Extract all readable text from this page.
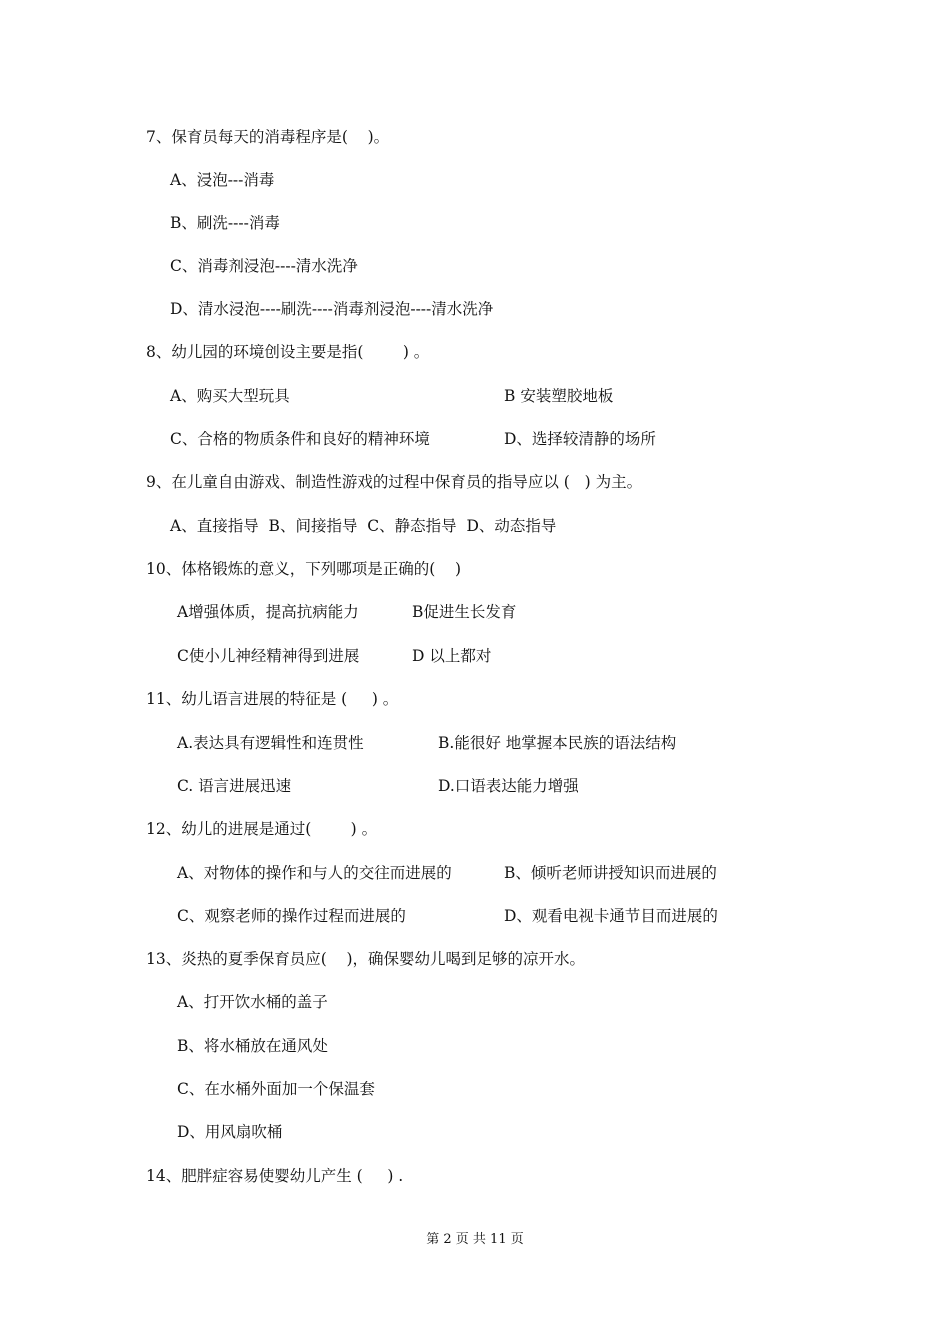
7、保育员每天的消毒程序是(    )。
A、浸泡---消毒
B、刷洗----消毒
C、消毒剂浸泡----清水洗净
D、清水浸泡----刷洗----消毒剂浸泡----清水洗净
8、幼儿园的环境创设主要是指(        ) 。
A、购买大型玩具	B 安装塑胶地板
C、合格的物质条件和良好的精神环境	D、选择较清静的场所
9、在儿童自由游戏、制造性游戏的过程中保育员的指导应以 (   ) 为主。
A、直接指导  B、间接指导  C、静态指导  D、动态指导
10、体格锻炼的意义，下列哪项是正确的(    )
A增强体质，提高抗病能力	B促进生长发育
C使小儿神经精神得到进展	D 以上都对
11、幼儿语言进展的特征是 (     ) 。
A.表达具有逻辑性和连贯性	B.能很好 地掌握本民族的语法结构
C. 语言进展迅速	D.口语表达能力增强
12、幼儿的进展是通过(        ) 。
A、对物体的操作和与人的交往而进展的	B、倾听老师讲授知识而进展的
C、观察老师的操作过程而进展的	D、观看电视卡通节目而进展的
13、炎热的夏季保育员应(    )，确保婴幼儿喝到足够的凉开水。
A、打开饮水桶的盖子
B、将水桶放在通风处
C、在水桶外面加一个保温套
D、用风扇吹桶
14、肥胖症容易使婴幼儿产生 (     ) .
第 2 页 共 11 页
